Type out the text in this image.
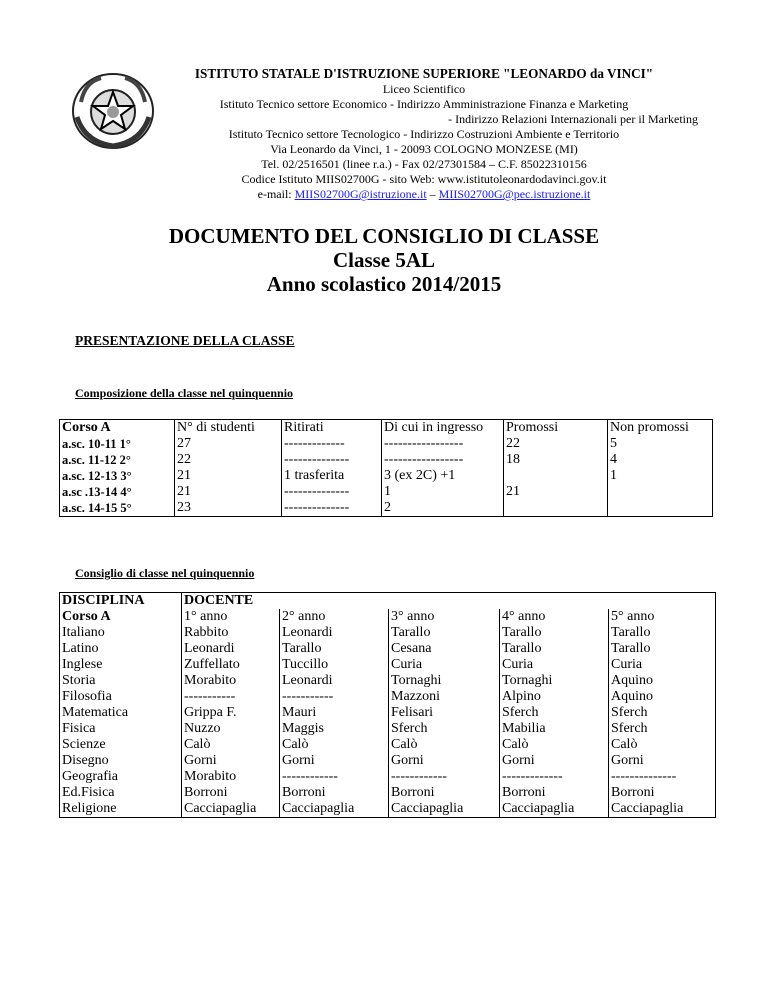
ISTITUTO STATALE D'ISTRUZIONE SUPERIORE "LEONARDO da VINCI"
Liceo Scientifico
Istituto Tecnico settore Economico - Indirizzo Amministrazione Finanza e Marketing
- Indirizzo Relazioni Internazionali per il Marketing
Istituto Tecnico settore Tecnologico - Indirizzo Costruzioni Ambiente e Territorio
Via Leonardo da Vinci, 1 - 20093 COLOGNO MONZESE (MI)
Tel. 02/2516501 (linee r.a.) - Fax 02/27301584 – C.F. 85022310156
Codice Istituto MIIS02700G - sito Web: www.istitutoleonardodavinci.gov.it
e-mail: MIIS02700G@istruzione.it – MIIS02700G@pec.istruzione.it
DOCUMENTO DEL CONSIGLIO DI CLASSE
Classe 5AL
Anno scolastico 2014/2015
PRESENTAZIONE DELLA CLASSE
Composizione della classe nel quinquennio
Corso A	N° di studenti	Ritirati	Di cui in ingresso	Promossi	Non promossi
a.sc. 10-11 1°	27	-------------	-----------------	22	5
a.sc. 11-12 2°	22	--------------	-----------------	18	4
a.sc. 12-13 3°	21	1 trasferita	3 (ex 2C) +1		1
a.sc .13-14 4°	21	--------------	1	21	
a.sc. 14-15 5°	23	--------------	2		
Consiglio di classe nel quinquennio
DISCIPLINA	DOCENTE				
Corso A	1° anno	2° anno	3° anno	4° anno	5° anno
Italiano	Rabbito	Leonardi	Tarallo	Tarallo	Tarallo
Latino	Leonardi	Tarallo	Cesana	Tarallo	Tarallo
Inglese	Zuffellato	Tuccillo	Curia	Curia	Curia
Storia	Morabito	Leonardi	Tornaghi	Tornaghi	Aquino
Filosofia	-----------	-----------	Mazzoni	Alpino	Aquino
Matematica	Grippa F.	Mauri	Felisari	Sferch	Sferch
Fisica	Nuzzo	Maggis	Sferch	Mabilia	Sferch
Scienze	Calò	Calò	Calò	Calò	Calò
Disegno	Gorni	Gorni	Gorni	Gorni	Gorni
Geografia	Morabito	------------	------------	-------------	--------------
Ed.Fisica	Borroni	Borroni	Borroni	Borroni	Borroni
Religione	Cacciapaglia	Cacciapaglia	Cacciapaglia	Cacciapaglia	Cacciapaglia
